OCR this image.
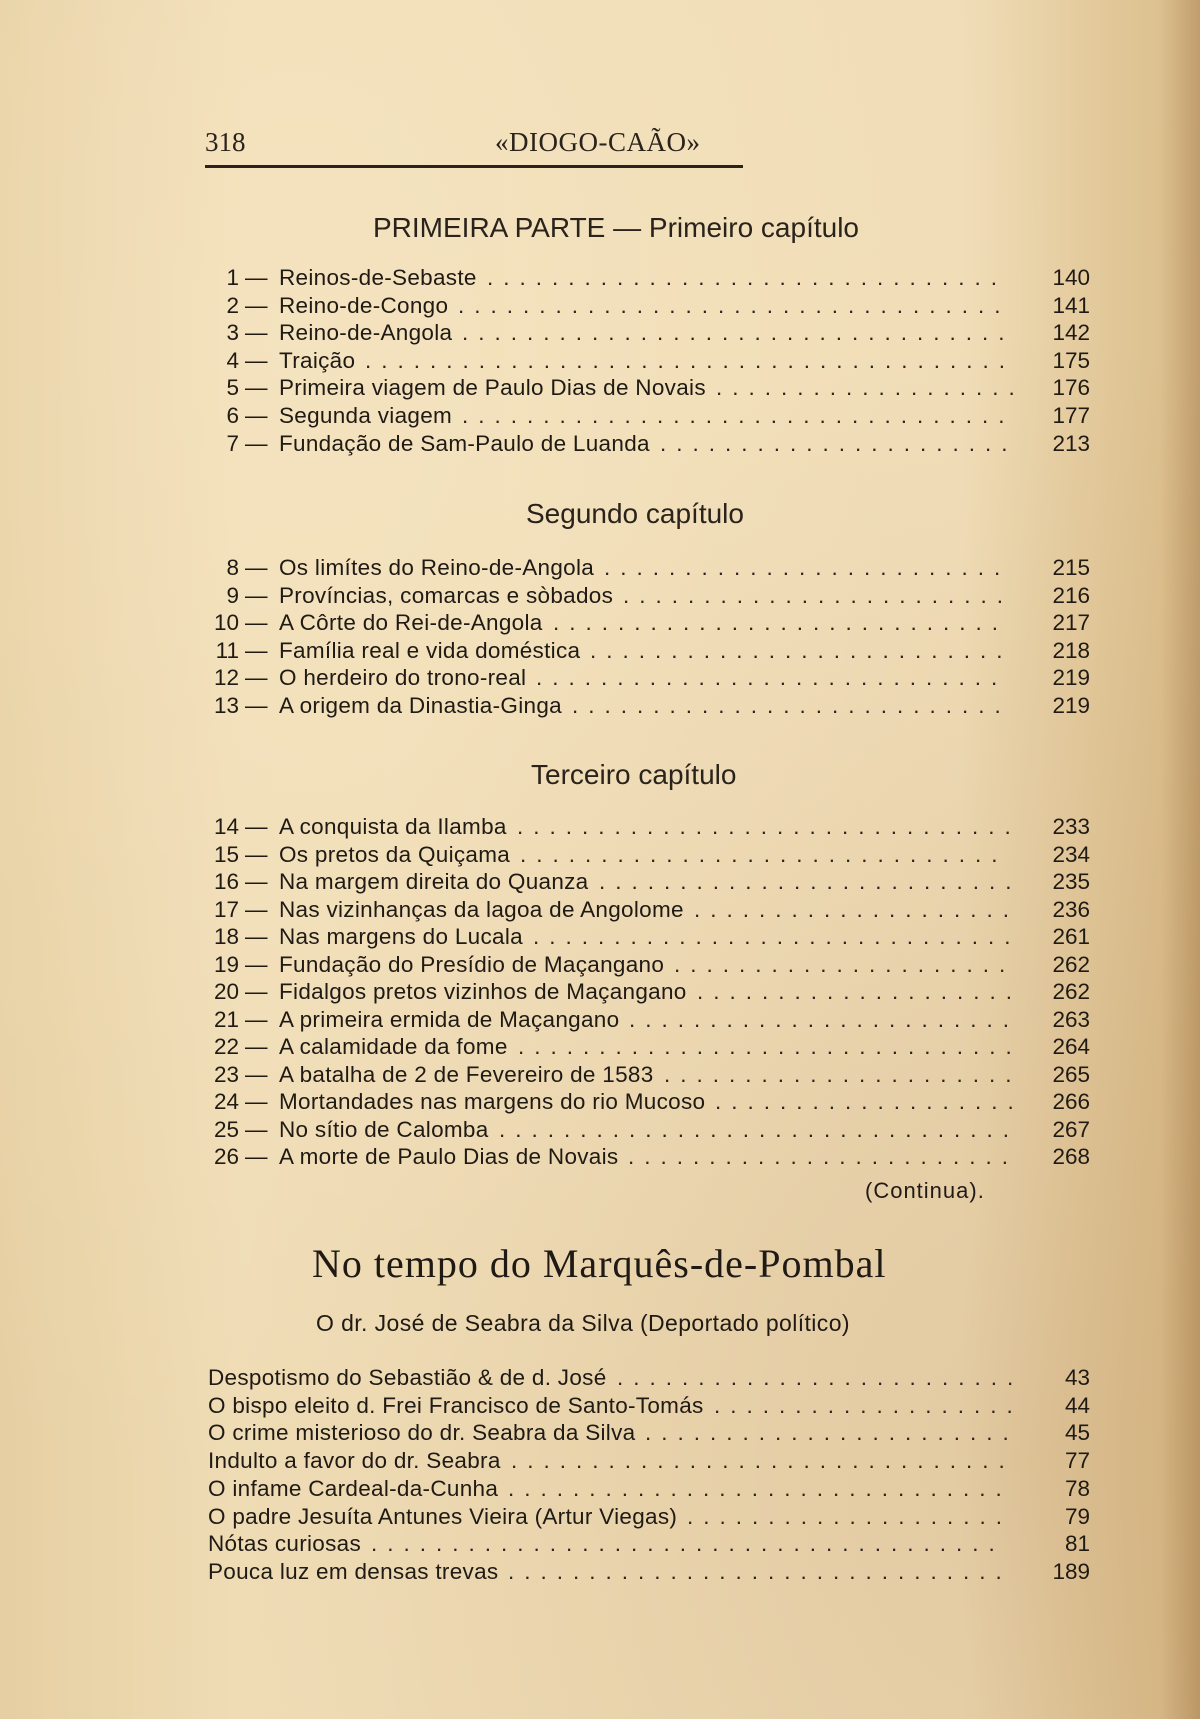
318	«DIOGO-CAÃO»
PRIMEIRA PARTE — Primeiro capítulo
1 — Reinos-de-Sebaste ................................	140
2 — Reino-de-Congo ..................................	141
3 — Reino-de-Angola ..................................	142
4 — Traição ........................................	175
5 — Primeira viagem de Paulo Dias de Novais ...................	176
6 — Segunda viagem ..................................	177
7 — Fundação de Sam-Paulo de Luanda ......................	213
Segundo capítulo
8 — Os limítes do Reino-de-Angola .........................	215
9 — Províncias, comarcas e sòbados ........................	216
10 — A Côrte do Rei-de-Angola ............................	217
11 — Família real e vida doméstica ..........................	218
12 — O herdeiro do trono-real .............................	219
13 — A origem da Dinastia-Ginga ...........................	219
Terceiro capítulo
14 — A conquista da Ilamba ...............................	233
15 — Os pretos da Quiçama ..............................	234
16 — Na margem direita do Quanza ..........................	235
17 — Nas vizinhanças da lagoa de Angolome ....................	236
18 — Nas margens do Lucala ..............................	261
19 — Fundação do Presídio de Maçangano .....................	262
20 — Fidalgos pretos vizinhos de Maçangano ....................	262
21 — A primeira ermida de Maçangano ........................	263
22 — A calamidade da fome ...............................	264
23 — A batalha de 2 de Fevereiro de 1583 ......................	265
24 — Mortandades nas margens do rio Mucoso ...................	266
25 — No sítio de Calomba ................................	267
26 — A morte de Paulo Dias de Novais ........................	268
(Continua).
No tempo do Marquês-de-Pombal
O dr. José de Seabra da Silva (Deportado político)
Despotismo do Sebastião & de d. José .........................	43
O bispo eleito d. Frei Francisco de Santo-Tomás ...................	44
O crime misterioso do dr. Seabra da Silva .......................	45
Indulto a favor do dr. Seabra ...............................	77
O infame Cardeal-da-Cunha ...............................	78
O padre Jesuíta Antunes Vieira (Artur Viegas) ....................	79
Nótas curiosas .......................................	81
Pouca luz em densas trevas ...............................	189
